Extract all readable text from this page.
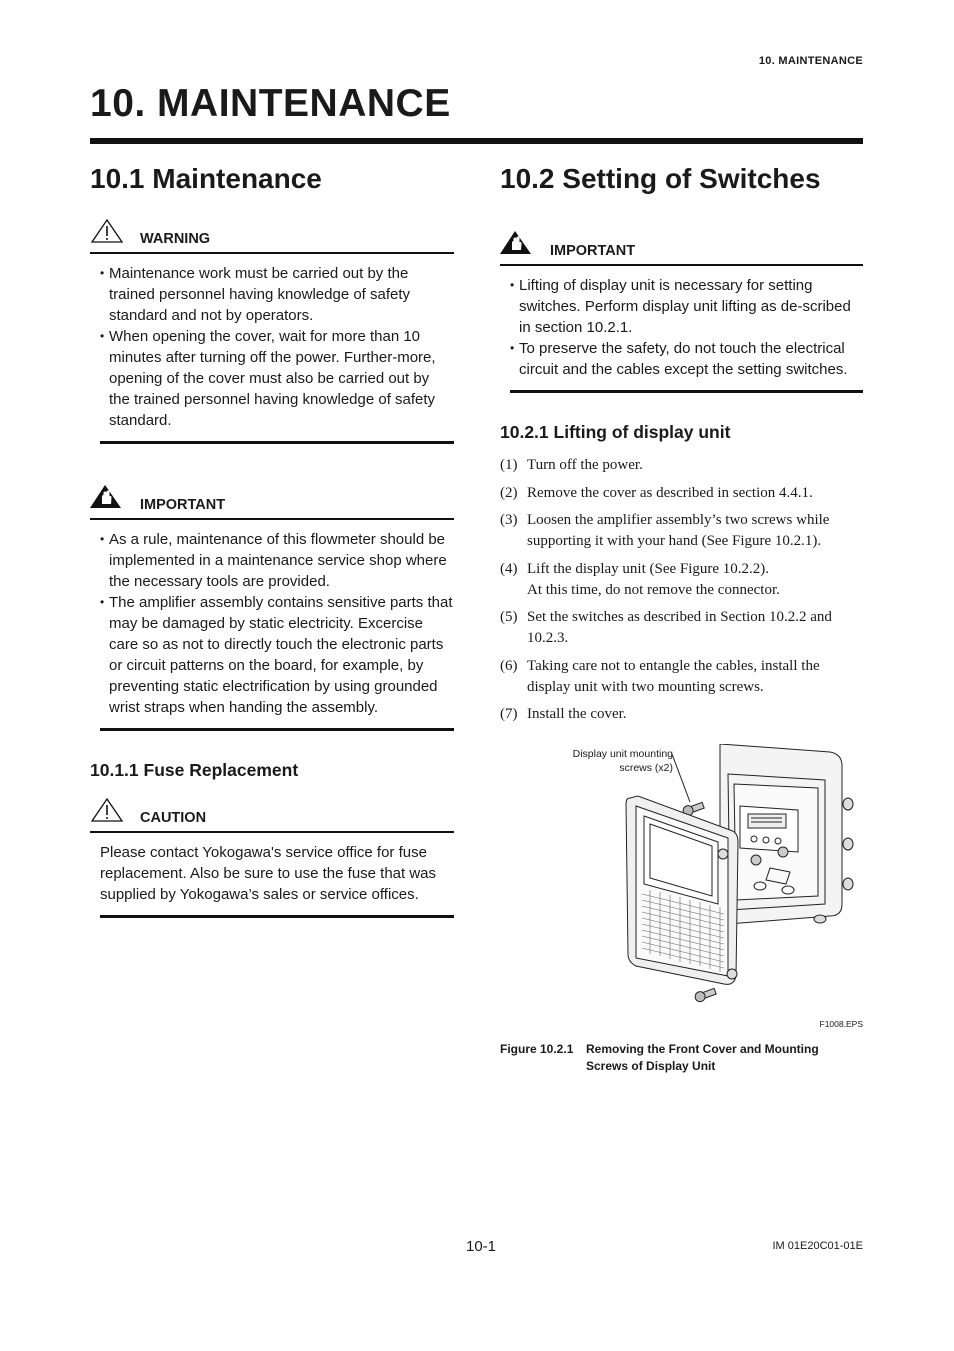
10. MAINTENANCE
10. MAINTENANCE
10.1 Maintenance
WARNING
• Maintenance work must be carried out by the trained personnel having knowledge of safety standard and not by operators.
• When opening the cover, wait for more than 10 minutes after turning off the power. Further-more, opening of the cover must also be carried out by the trained personnel having knowledge of safety standard.
IMPORTANT
• As a rule, maintenance of this flowmeter should be implemented in a maintenance service shop where the necessary tools are provided.
• The amplifier assembly contains sensitive parts that may be damaged by static electricity. Excercise care so as not to directly touch the electronic parts or circuit patterns on the board, for example, by preventing static electrification by using grounded wrist straps when handing the assembly.
10.1.1 Fuse Replacement
CAUTION
Please contact Yokogawa's service office for fuse replacement. Also be sure to use the fuse that was supplied by Yokogawa’s sales or service offices.
10.2 Setting of Switches
IMPORTANT
• Lifting of display unit is necessary for setting switches. Perform display unit lifting as de-scribed in section 10.2.1.
• To preserve the safety, do not touch the electrical circuit and the cables except the setting switches.
10.2.1 Lifting of display unit
(1) Turn off the power.
(2) Remove the cover as described in section 4.4.1.
(3) Loosen the amplifier assembly’s two screws while supporting it with your hand (See Figure 10.2.1).
(4) Lift the display unit (See Figure 10.2.2).
At this time, do not remove the connector.
(5) Set the switches as described in Section 10.2.2 and 10.2.3.
(6) Taking care not to entangle the cables, install the display unit with two mounting screws.
(7) Install the cover.
Display unit mounting
screws (x2)
F1008.EPS
Figure 10.2.1 Removing the Front Cover and Mounting
Screws of Display Unit
10-1	IM 01E20C01-01E
